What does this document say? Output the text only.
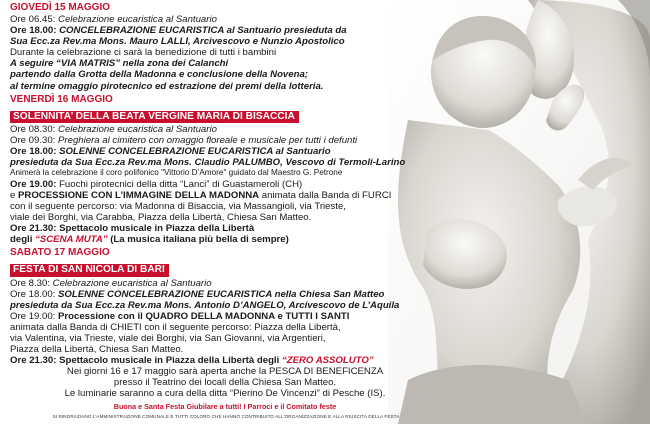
GIOVEDÌ 15 MAGGIO
Ore 06.45: Celebrazione eucaristica al Santuario
Ore 18.00: CONCELEBRAZIONE EUCARISTICA al Santuario presieduta da
Sua Ecc.za Rev.ma Mons. Mauro LALLI, Arcivescovo e Nunzio Apostolico
Durante la celebrazione ci sarà la benedizione di tutti i bambini
A seguire “VIA MATRIS” nella zona dei Calanchi
partendo dalla Grotta della Madonna e conclusione della Novena;
al termine omaggio pirotecnico ed estrazione dei premi della lotteria.
VENERDÌ 16 MAGGIO
SOLENNITA’ DELLA BEATA VERGINE MARIA DI BISACCIA
Ore 08.30: Celebrazione eucaristica al Santuario
Ore 09.30: Preghiera al cimitero con omaggio floreale e musicale per tutti i defunti
Ore 18.00: SOLENNE CONCELEBRAZIONE EUCARISTICA al Santuario
presieduta da Sua Ecc.za Rev.ma Mons. Claudio PALUMBO, Vescovo di Termoli-Larino
Animerà la celebrazione il coro polifonico "Vittorio D’Amore" guidato dal Maestro G. Petrone
Ore 19.00: Fuochi pirotecnici della ditta “Lanci” di Guastameroli (CH)
e PROCESSIONE CON L’IMMAGINE DELLA MADONNA animata dalla Banda di FURCI
con il seguente percorso: via Madonna di Bisaccia, via Massangioli, via Trieste,
viale dei Borghi, via Carabba, Piazza della Libertà, Chiesa San Matteo.
Ore 21.30: Spettacolo musicale in Piazza della Libertà
degli “SCENA MUTA” (La musica italiana più bella di sempre)
SABATO 17 MAGGIO
FESTA DI SAN NICOLA DI BARI
Ore 8.30: Celebrazione eucaristica al Santuario
Ore 18.00: SOLENNE CONCELEBRAZIONE EUCARISTICA nella Chiesa San Matteo
presieduta da Sua Ecc.za Rev.ma Mons. Antonio D’ANGELO, Arcivescovo de L’Aquila
Ore 19.00: Processione con il QUADRO DELLA MADONNA e TUTTI I SANTI
animata dalla Banda di CHIETI con il seguente percorso: Piazza della Libertà,
via Valentina, via Trieste, viale dei Borghi, via San Giovanni, via Argentieri,
Piazza della Libertà, Chiesa San Matteo.
Ore 21.30: Spettacolo musicale in Piazza della Libertà degli “ZERO ASSOLUTO”
Nei giorni 16 e 17 maggio sarà aperta anche la PESCA DI BENEFICENZA
presso il Teatrino dei locali della Chiesa San Matteo.
Le luminarie saranno a cura della ditta “Pierino De Vincenzi” di Pesche (IS).
Buona e Santa Festa Giubilare a tutti! I Parroci e il Comitato feste
SI RINGRAZIANO L’AMMINISTRAZIONE COMUNALE E TUTTI COLORO CHE HANNO CONTRIBUITO ALL’ORGANIZZAZIONE E ALLA RIUSCITA DELLA FESTA
